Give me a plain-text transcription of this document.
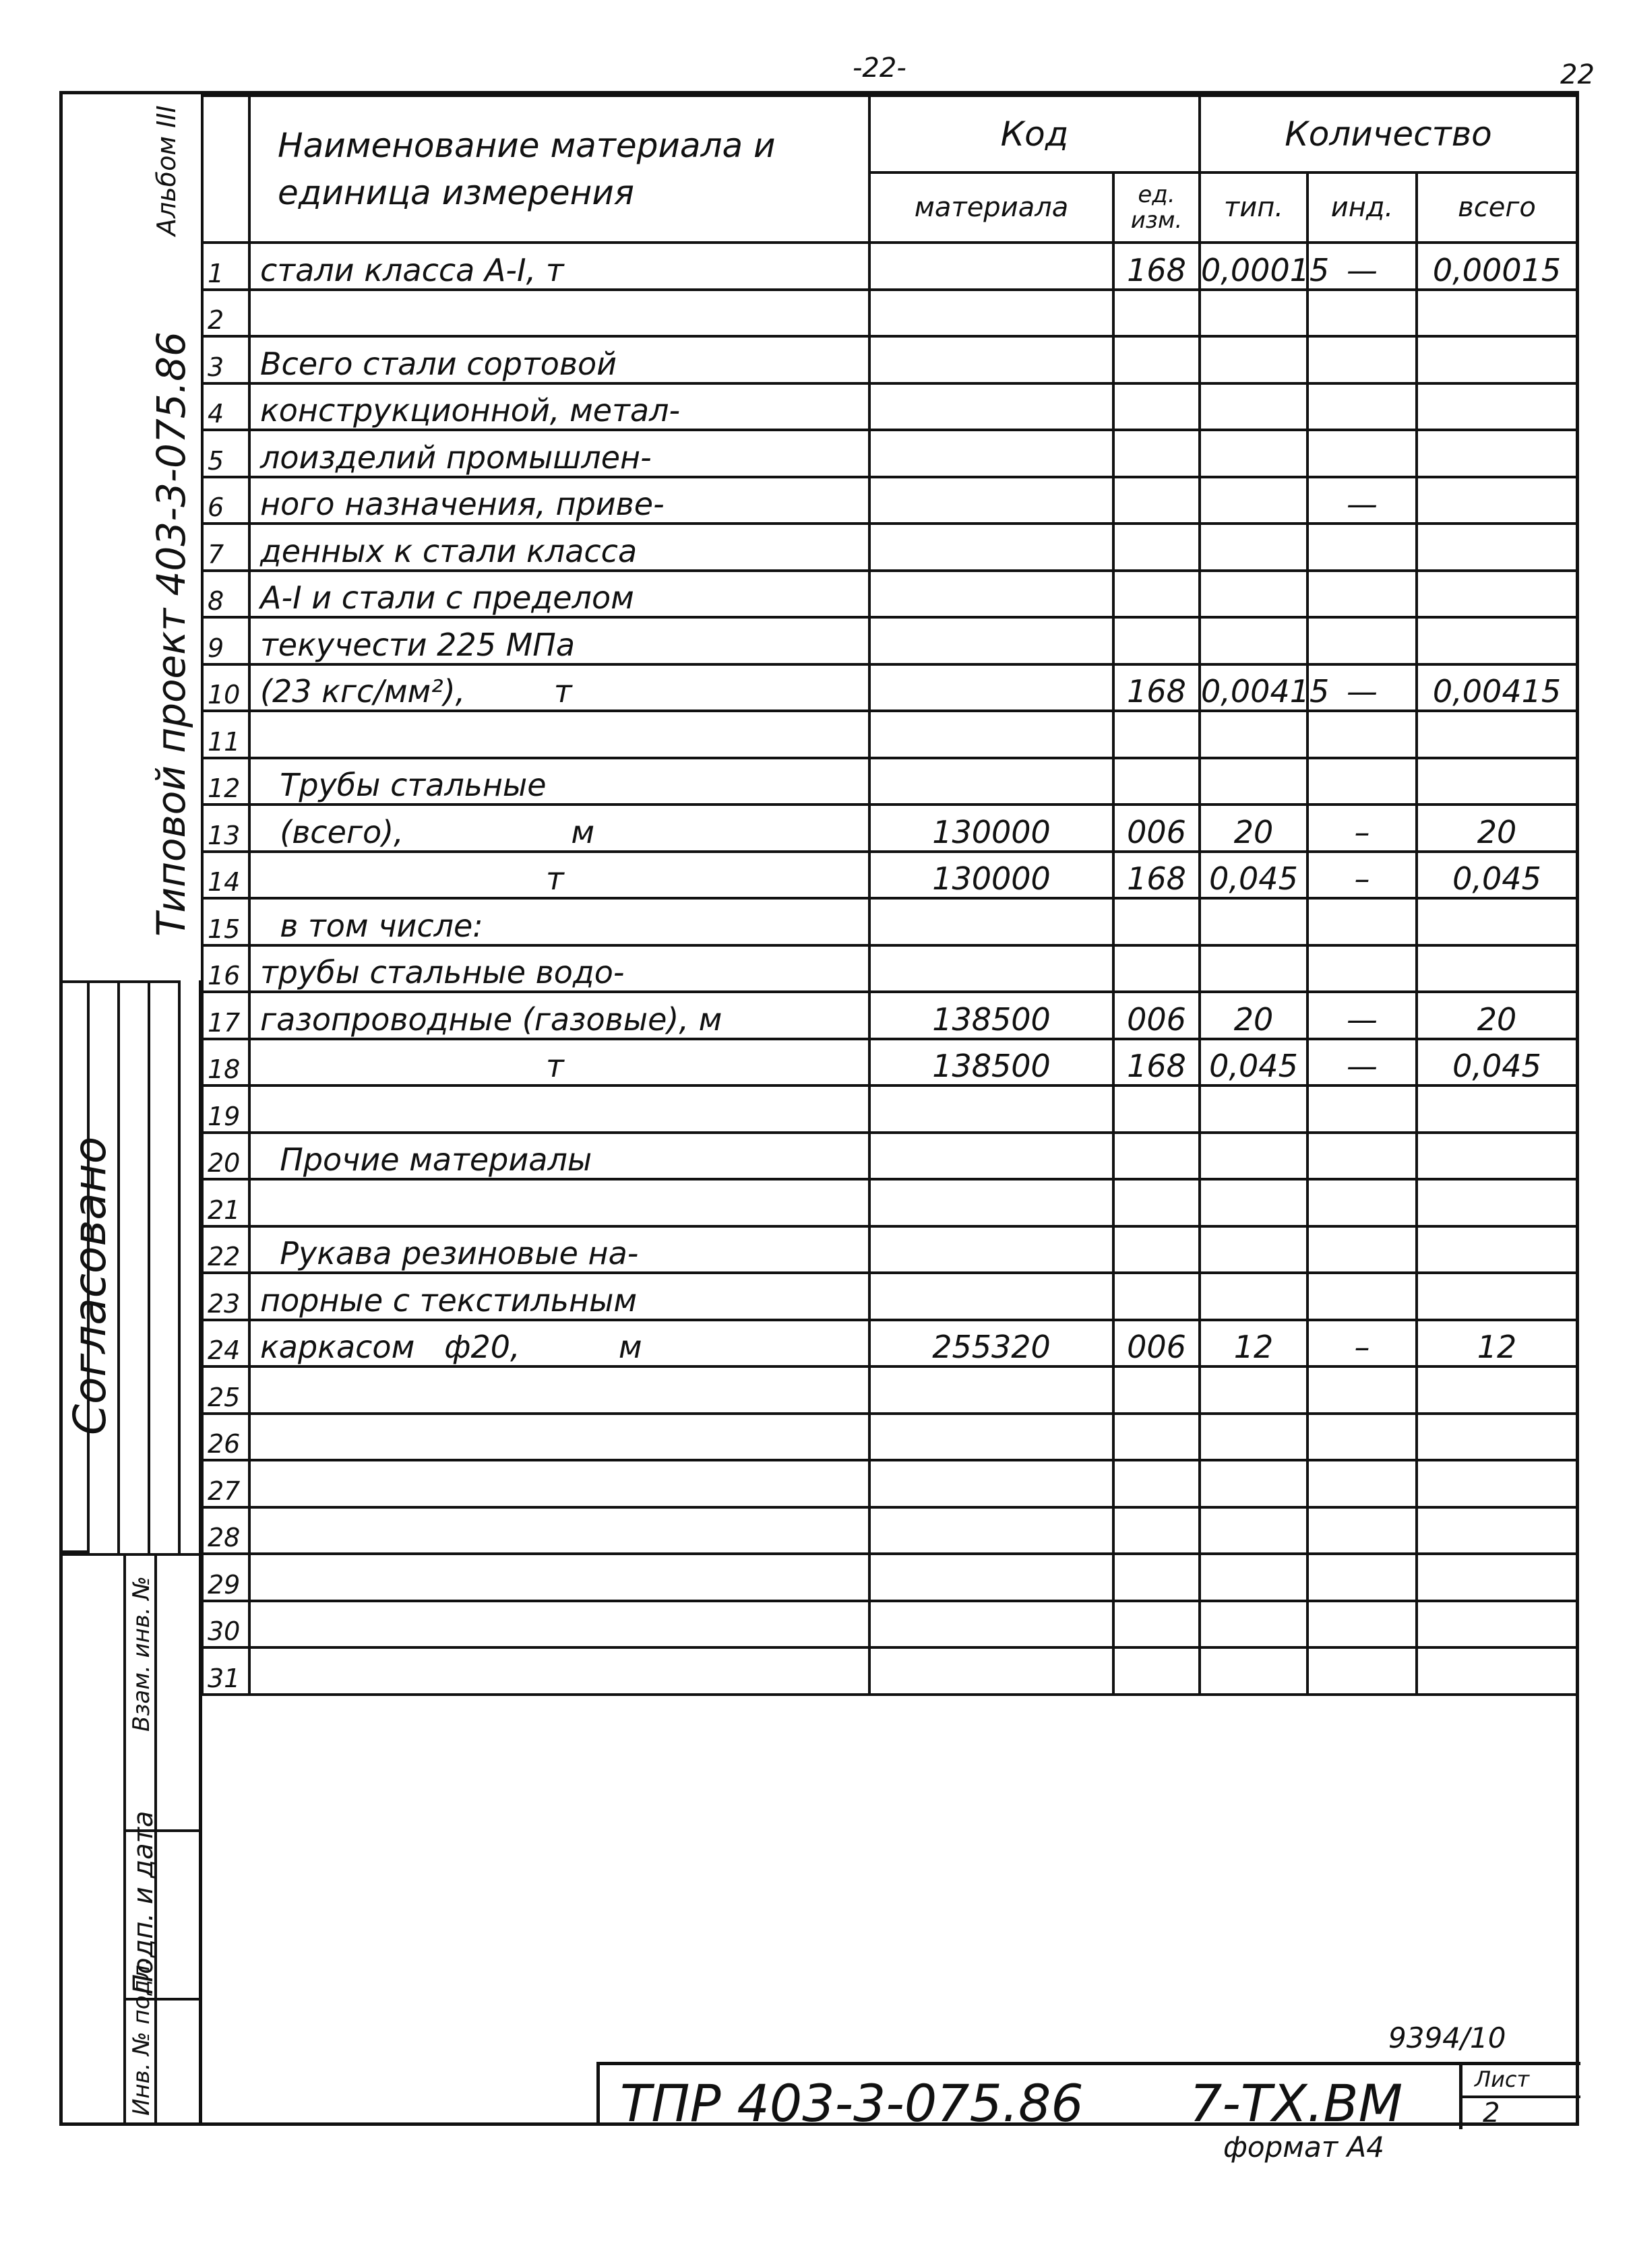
-22-	22
Альбом III
Типовой проект 403-3-075.86
Согласовано
Инв. № подл.
Подп. и дата
Взам. инв. №
	Наименование материала и единица измерения	Код		Количество		
		материала	ед. изм.	тип.	инд.	всего
1	стали класса А-I, т		168	0,00015	—	0,00015
2						
3	Всего стали сортовой					
4	конструкционной, метал-					
5	лоизделий промышлен-					
6	ного назначения, приве-				—	
7	денных к стали класса					
8	А-I и стали с пределом					
9	текучести 225 МПа					
10	(23 кгс/мм²),         т		168	0,00415	—	0,00415
11						
12	Трубы стальные					
13	(всего),                 м	130000	006	20	–	20
14	т	130000	168	0,045	–	0,045
15	в том числе:					
16	трубы стальные водо-					
17	газопроводные (газовые), м	138500	006	20	—	20
18	т	138500	168	0,045	—	0,045
19						
20	Прочие материалы					
21						
22	Рукава резиновые на-					
23	порные с текстильным					
24	каркасом   ф20,          м	255320	006	12	–	12
25						
26						
27						
28						
29						
30						
31						
9394/10
ТПР 403-3-075.86 7-ТХ.ВМ	Лист
2
формат А4
